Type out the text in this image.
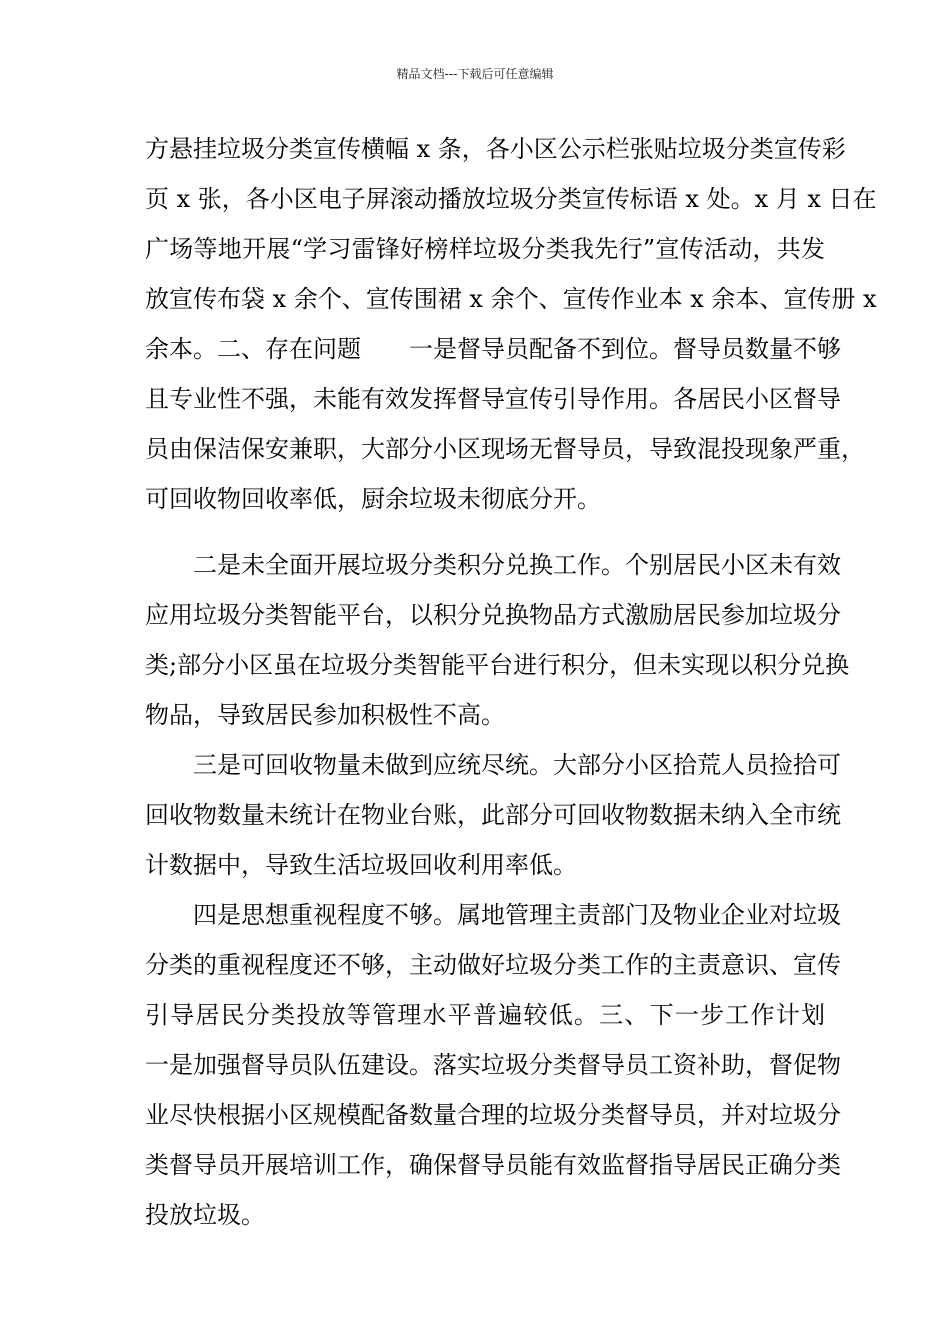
精品文档---下载后可任意编辑
方悬挂垃圾分类宣传横幅 x 条，各小区公示栏张贴垃圾分类宣传彩
页 x 张，各小区电子屏滚动播放垃圾分类宣传标语 x 处。x 月 x 日在
广场等地开展“学习雷锋好榜样垃圾分类我先行”宣传活动，共发
放宣传布袋 x 余个、宣传围裙 x 余个、宣传作业本 x 余本、宣传册 x
余本。二、存在问题　　一是督导员配备不到位。督导员数量不够
且专业性不强，未能有效发挥督导宣传引导作用。各居民小区督导
员由保洁保安兼职，大部分小区现场无督导员，导致混投现象严重，
可回收物回收率低，厨余垃圾未彻底分开。
二是未全面开展垃圾分类积分兑换工作。个别居民小区未有效
应用垃圾分类智能平台，以积分兑换物品方式激励居民参加垃圾分
类;部分小区虽在垃圾分类智能平台进行积分，但未实现以积分兑换
物品，导致居民参加积极性不高。
三是可回收物量未做到应统尽统。大部分小区拾荒人员捡拾可
回收物数量未统计在物业台账，此部分可回收物数据未纳入全市统
计数据中，导致生活垃圾回收利用率低。
四是思想重视程度不够。属地管理主责部门及物业企业对垃圾
分类的重视程度还不够，主动做好垃圾分类工作的主责意识、宣传
引导居民分类投放等管理水平普遍较低。三、下一步工作计划
一是加强督导员队伍建设。落实垃圾分类督导员工资补助，督促物
业尽快根据小区规模配备数量合理的垃圾分类督导员，并对垃圾分
类督导员开展培训工作，确保督导员能有效监督指导居民正确分类
投放垃圾。
